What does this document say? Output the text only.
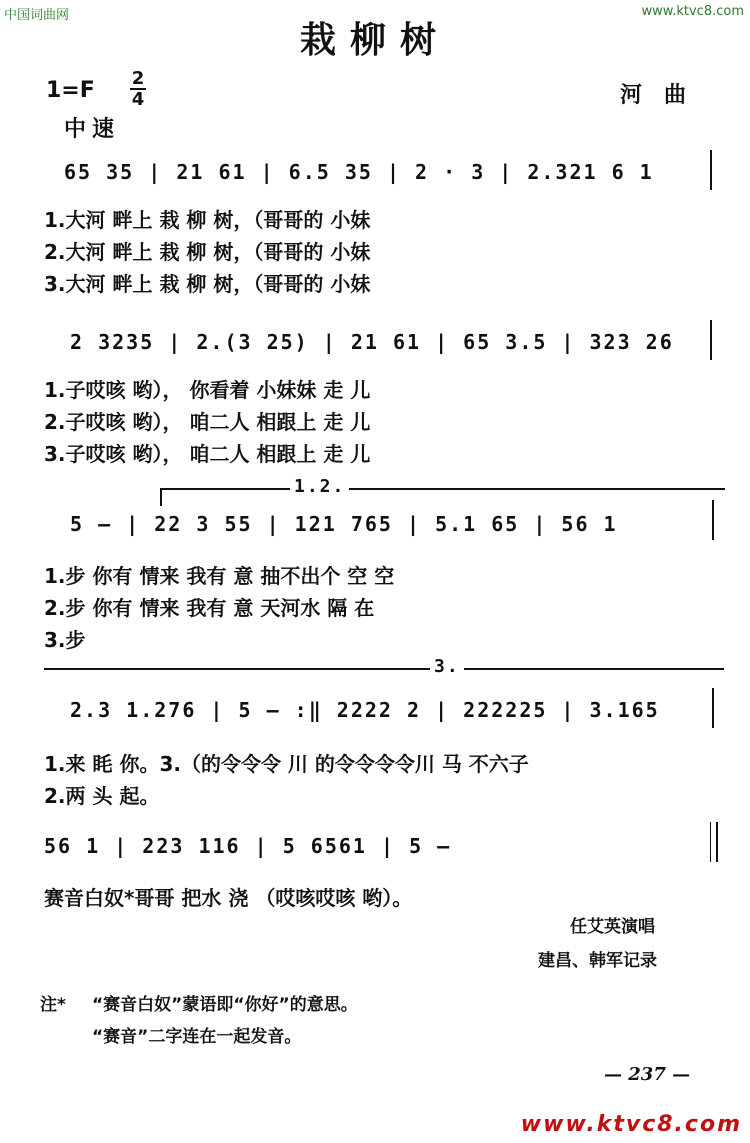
中国词曲网	www.ktvc8.com
栽柳树
1=F 2
4	河曲
中速
65 35 | 21 61 | 6.5 35 | 2 · 3 | 2.321 6 1
1.大河 畔上 栽 柳 树，（哥哥的 小妹
2.大河 畔上 栽 柳 树，（哥哥的 小妹
3.大河 畔上 栽 柳 树，（哥哥的 小妹
2 3235 | 2.(3 25) | 21 61 | 65 3.5 | 323 26
1.子哎咳 哟）， 你看着 小妹妹 走 儿
2.子哎咳 哟）， 咱二人 相跟上 走 儿
3.子哎咳 哟）， 咱二人 相跟上 走 儿
1.2.
5 — | 22 3 55 | 121 765 | 5.1 65 | 56 1
1.步 你有 情来 我有 意 抽不出个 空 空
2.步 你有 情来 我有 意 天河水 隔 在
3.步
3.
2.3 1.276 | 5 — :‖ 2222 2 | 222225 | 3.165
1.来 眊 你。3.（的令令令 川 的令令令令川 马 不六子
2.两 头 起。
56 1 | 223 116 | 5 6561 | 5 —
赛音白奴*哥哥 把水 浇 （哎咳哎咳 哟）。
任艾英演唱
建昌、韩军记录
注* “赛音白奴”蒙语即“你好”的意思。
“赛音”二字连在一起发音。
— 237 —
www.ktvc8.com
